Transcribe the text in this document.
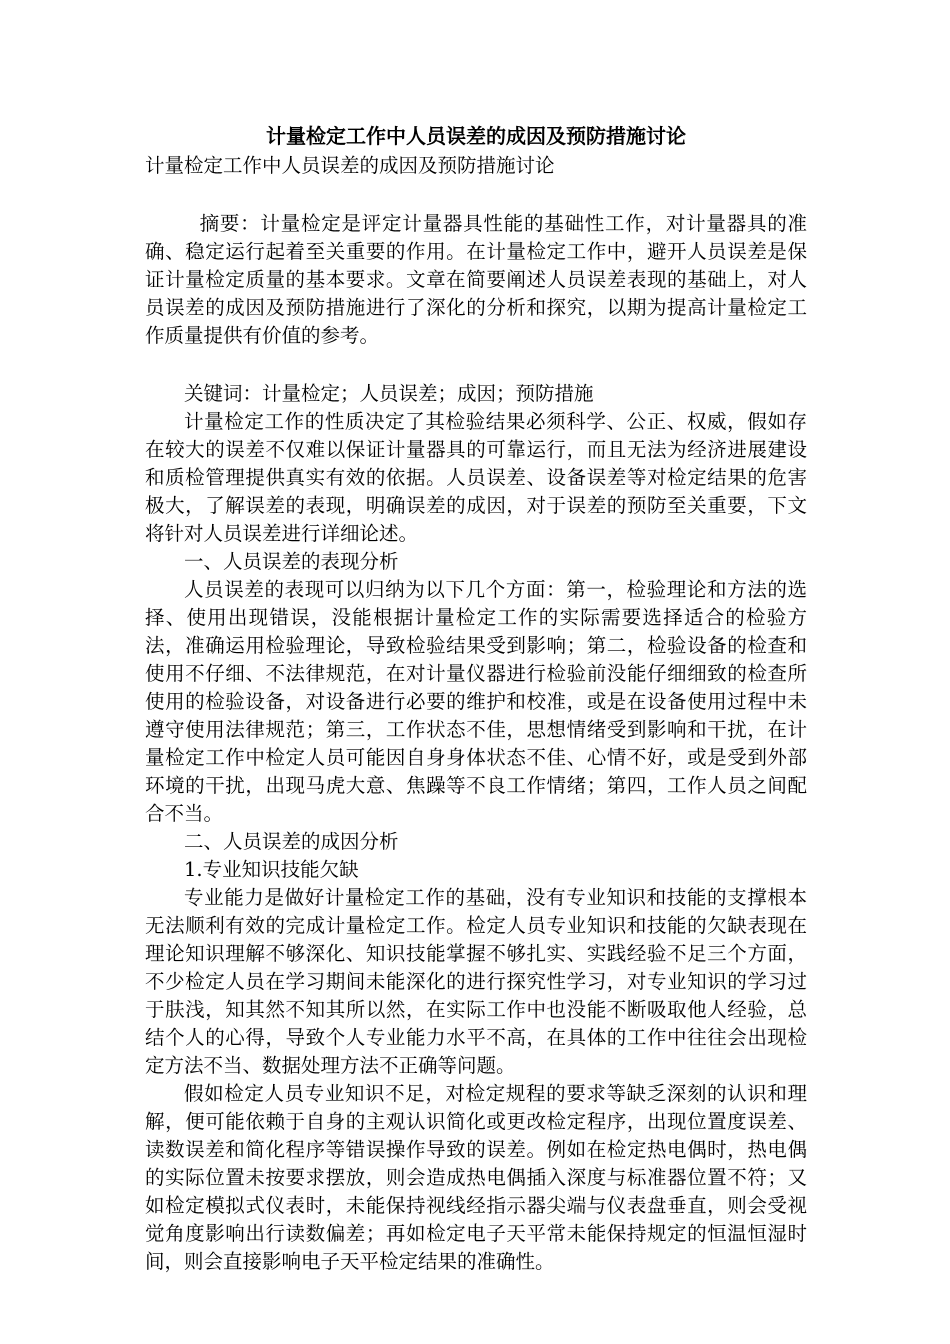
计量检定工作中人员误差的成因及预防措施讨论

计量检定工作中人员误差的成因及预防措施讨论

摘要：计量检定是评定计量器具性能的基础性工作，对计量器具的准确、稳定运行起着至关重要的作用。在计量检定工作中，避开人员误差是保证计量检定质量的基本要求。文章在简要阐述人员误差表现的基础上，对人员误差的成因及预防措施进行了深化的分析和探究，以期为提高计量检定工作质量提供有价值的参考。

关键词：计量检定；人员误差；成因；预防措施

计量检定工作的性质决定了其检验结果必须科学、公正、权威，假如存在较大的误差不仅难以保证计量器具的可靠运行，而且无法为经济进展建设和质检管理提供真实有效的依据。人员误差、设备误差等对检定结果的危害极大，了解误差的表现，明确误差的成因，对于误差的预防至关重要，下文将针对人员误差进行详细论述。

一、人员误差的表现分析

人员误差的表现可以归纳为以下几个方面：第一，检验理论和方法的选择、使用出现错误，没能根据计量检定工作的实际需要选择适合的检验方法，准确运用检验理论，导致检验结果受到影响；第二，检验设备的检查和使用不仔细、不法律规范，在对计量仪器进行检验前没能仔细细致的检查所使用的检验设备，对设备进行必要的维护和校准，或是在设备使用过程中未遵守使用法律规范；第三，工作状态不佳，思想情绪受到影响和干扰，在计量检定工作中检定人员可能因自身身体状态不佳、心情不好，或是受到外部环境的干扰，出现马虎大意、焦躁等不良工作情绪；第四，工作人员之间配合不当。

二、人员误差的成因分析

1.专业知识技能欠缺

专业能力是做好计量检定工作的基础，没有专业知识和技能的支撑根本无法顺利有效的完成计量检定工作。检定人员专业知识和技能的欠缺表现在理论知识理解不够深化、知识技能掌握不够扎实、实践经验不足三个方面，不少检定人员在学习期间未能深化的进行探究性学习，对专业知识的学习过于肤浅，知其然不知其所以然，在实际工作中也没能不断吸取他人经验，总结个人的心得，导致个人专业能力水平不高，在具体的工作中往往会出现检定方法不当、数据处理方法不正确等问题。

假如检定人员专业知识不足，对检定规程的要求等缺乏深刻的认识和理解，便可能依赖于自身的主观认识简化或更改检定程序，出现位置度误差、读数误差和简化程序等错误操作导致的误差。例如在检定热电偶时，热电偶的实际位置未按要求摆放，则会造成热电偶插入深度与标准器位置不符；又如检定模拟式仪表时，未能保持视线经指示器尖端与仪表盘垂直，则会受视觉角度影响出行读数偏差；再如检定电子天平常未能保持规定的恒温恒湿时间，则会直接影响电子天平检定结果的准确性。
